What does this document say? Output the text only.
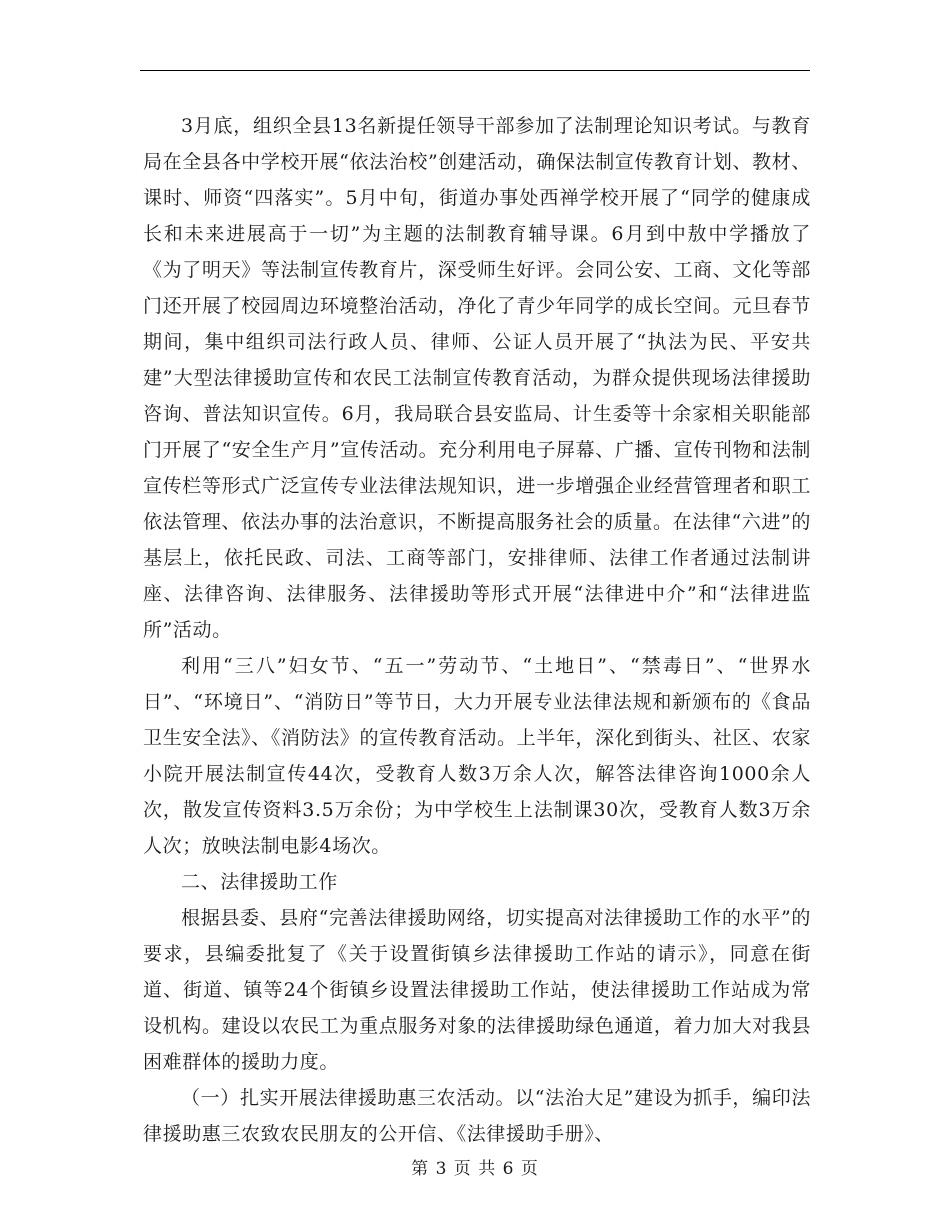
3月底，组织全县13名新提任领导干部参加了法制理论知识考试。与教育局在全县各中学校开展“依法治校”创建活动，确保法制宣传教育计划、教材、课时、师资“四落实”。5月中旬，街道办事处西禅学校开展了“同学的健康成长和未来进展高于一切”为主题的法制教育辅导课。6月到中敖中学播放了《为了明天》等法制宣传教育片，深受师生好评。会同公安、工商、文化等部门还开展了校园周边环境整治活动，净化了青少年同学的成长空间。元旦春节期间，集中组织司法行政人员、律师、公证人员开展了“执法为民、平安共建”大型法律援助宣传和农民工法制宣传教育活动，为群众提供现场法律援助咨询、普法知识宣传。6月，我局联合县安监局、计生委等十余家相关职能部门开展了“安全生产月”宣传活动。充分利用电子屏幕、广播、宣传刊物和法制宣传栏等形式广泛宣传专业法律法规知识，进一步增强企业经营管理者和职工依法管理、依法办事的法治意识，不断提高服务社会的质量。在法律“六进”的基层上，依托民政、司法、工商等部门，安排律师、法律工作者通过法制讲座、法律咨询、法律服务、法律援助等形式开展“法律进中介”和“法律进监所”活动。

利用“三八”妇女节、“五一”劳动节、“土地日”、“禁毒日”、“世界水日”、“环境日”、“消防日”等节日，大力开展专业法律法规和新颁布的《食品卫生安全法》、《消防法》的宣传教育活动。上半年，深化到街头、社区、农家小院开展法制宣传44次，受教育人数3万余人次，解答法律咨询1000余人次，散发宣传资料3.5万余份；为中学校生上法制课30次，受教育人数3万余人次；放映法制电影4场次。

二、法律援助工作

根据县委、县府“完善法律援助网络，切实提高对法律援助工作的水平”的要求，县编委批复了《关于设置街镇乡法律援助工作站的请示》，同意在街道、街道、镇等24个街镇乡设置法律援助工作站，使法律援助工作站成为常设机构。建设以农民工为重点服务对象的法律援助绿色通道，着力加大对我县困难群体的援助力度。

（一）扎实开展法律援助惠三农活动。以“法治大足”建设为抓手，编印法律援助惠三农致农民朋友的公开信、《法律援助手册》、

第 3 页 共 6 页
